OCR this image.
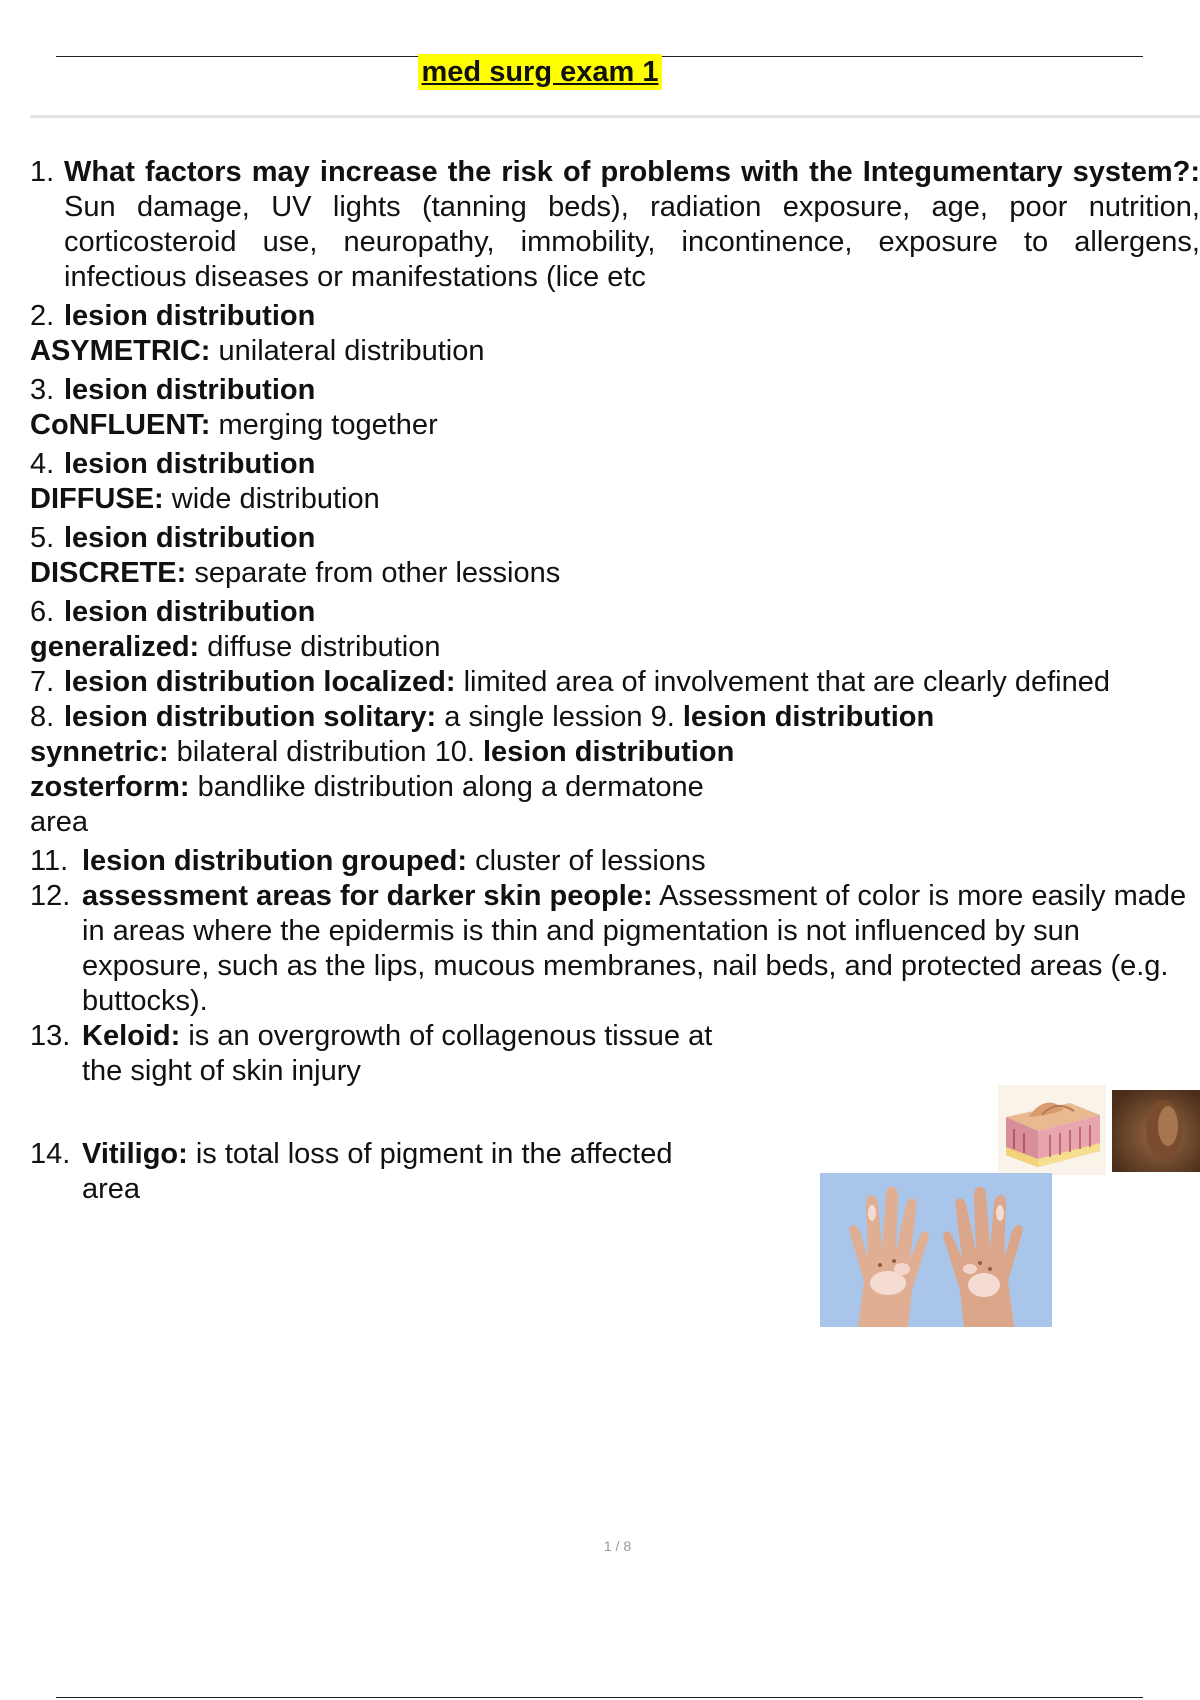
med surg exam 1
1. What factors may increase the risk of problems with the Integumentary system?: Sun damage, UV lights (tanning beds), radiation exposure, age, poor nutrition, corticosteroid use, neuropathy, immobility, incontinence, exposure to allergens, infectious diseases or manifestations (lice etc
2. lesion distribution

ASYMETRIC: unilateral distribution

3. lesion distribution

CoNFLUENT: merging together

4. lesion distribution

DIFFUSE: wide distribution

5. lesion distribution

DISCRETE: separate from other lessions

6. lesion distribution

generalized: diffuse distribution

7. lesion distribution localized: limited area of involvement that are clearly defined
8. lesion distribution solitary: a single lession 9. lesion distribution

synnetric: bilateral distribution 10. lesion distribution

zosterform: bandlike distribution along a dermatone

area

11. lesion distribution grouped: cluster of lessions
12. assessment areas for darker skin people: Assessment of color is more easily made in areas where the epidermis is thin and pigmentation is not influenced by sun exposure, such as the lips, mucous membranes, nail beds, and protected areas (e.g. buttocks).
13. Keloid: is an overgrowth of collagenous tissue at
the sight of skin injury
14. Vitiligo: is total loss of pigment in the affected
area
1 / 8
